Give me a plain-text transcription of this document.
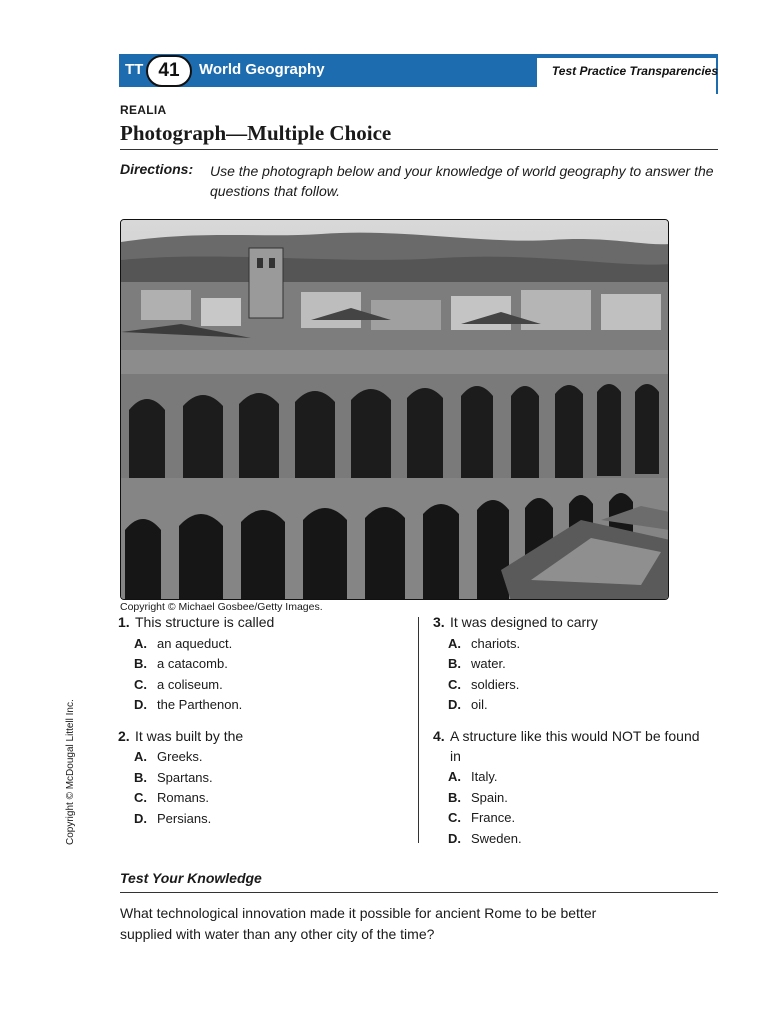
TT 41	World Geography	Test Practice Transparencies
REALIA
Photograph—Multiple Choice
Directions: Use the photograph below and your knowledge of world geography to answer the questions that follow.
Copyright © Michael Gosbee/Getty Images.
1. This structure is called
A. an aqueduct.
B. a catacomb.
C. a coliseum.
D. the Parthenon.
2. It was built by the
A. Greeks.
B. Spartans.
C. Romans.
D. Persians.
3. It was designed to carry
A. chariots.
B. water.
C. soldiers.
D. oil.
4. A structure like this would NOT be found in
A. Italy.
B. Spain.
C. France.
D. Sweden.
Copyright © McDougal Littell Inc.
Test Your Knowledge
What technological innovation made it possible for ancient Rome to be better supplied with water than any other city of the time?
